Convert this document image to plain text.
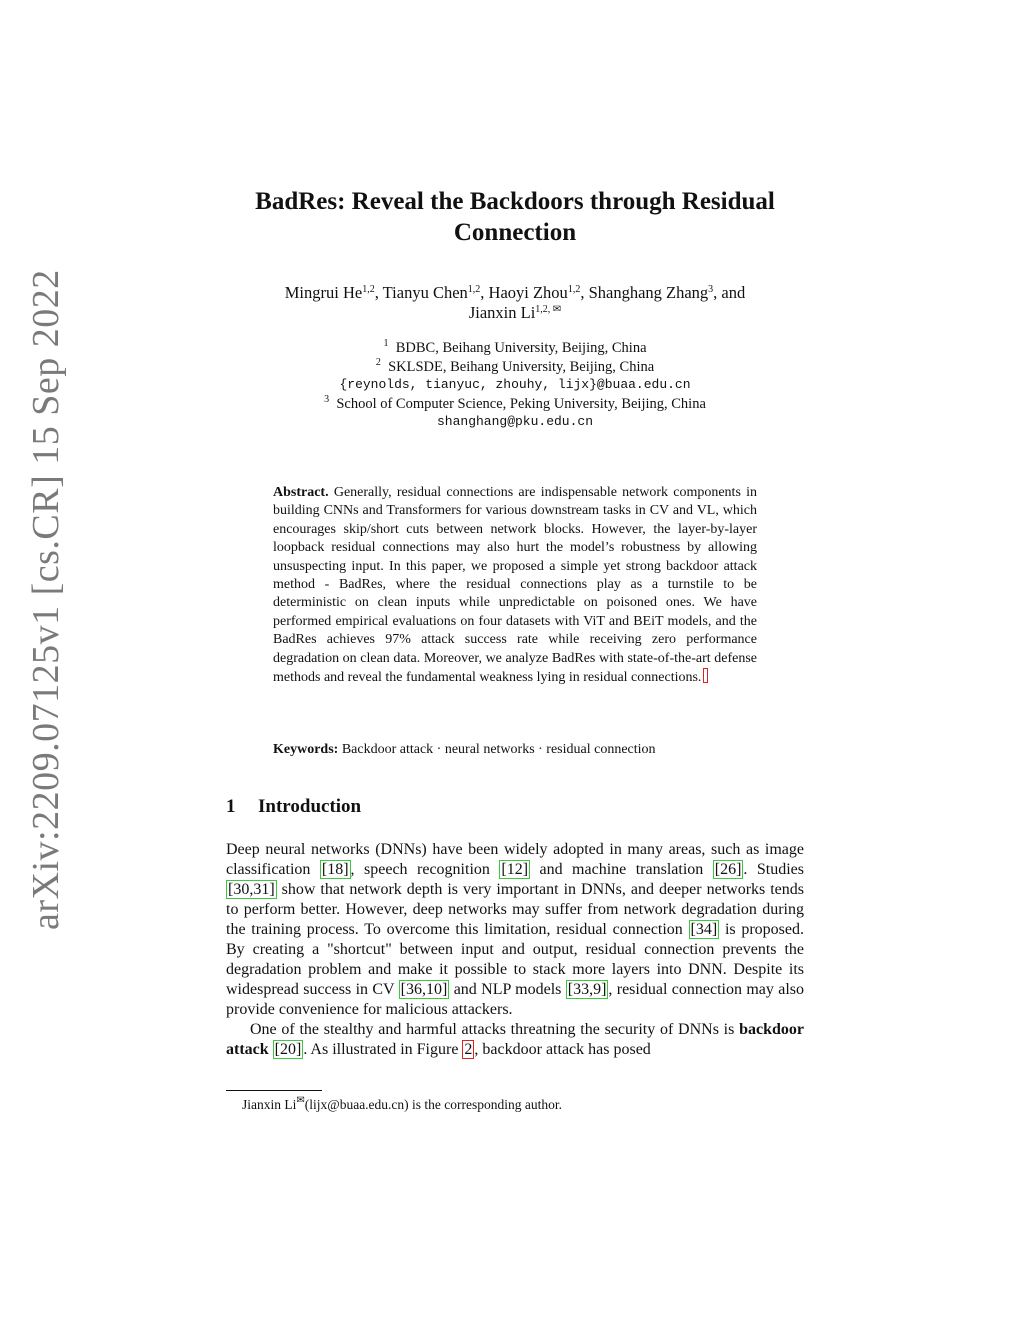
arXiv:2209.07125v1 [cs.CR] 15 Sep 2022
BadRes: Reveal the Backdoors through Residual
Connection
Mingrui He$^{1,2}$, Tianyu Chen$^{1,2}$, Haoyi Zhou$^{1,2}$, Shanghang Zhang$^3$, and
Jianxin $Li^{1,2, ✉}$
$^1$ BDBC, Beihang University, Beijing, China
$^2$ SKLSDE, Beihang University, Beijing, China
{reynolds, tianyuc, zhouhy, lijx}@buaa.edu.cn
$^3$ School of Computer Science, Peking University, Beijing, China
shanghang@pku.edu.cn
Abstract. Generally, residual connections are indispensable network components in building CNNs and Transformers for various downstream tasks in CV and VL, which encourages skip/short cuts between network blocks. However, the layer-by-layer loopback residual connections may also hurt the model’s robustness by allowing unsuspecting input. In this paper, we proposed a simple yet strong backdoor attack method - BadRes, where the residual connections play as a turnstile to be deterministic on clean inputs while unpredictable on poisoned ones. We have performed empirical evaluations on four datasets with ViT and BEiT models, and the BadRes achieves 97% attack success rate while receiving zero performance degradation on clean data. Moreover, we analyze BadRes with state-of-the-art defense methods and reveal the fundamental weakness lying in residual connections.
Keywords: Backdoor attack · neural networks · residual connection
1 Introduction

Deep neural networks (DNNs) have been widely adopted in many areas, such as image classification [18] , speech recognition [12] and machine translation [26] . Studies [30,31] show that network depth is very important in DNNs, and deeper networks tends to perform better. However, deep networks may suffer from network degradation during the training process. To overcome this limitation, residual connection [34] is proposed. By creating a "shortcut" between input and output, residual connection prevents the degradation problem and make it possible to stack more layers into DNN. Despite its widespread success in CV [36,10] and NLP models [33,9] , residual connection may also provide convenience for malicious attackers.

One of the stealthy and harmful attacks threatning the security of DNNs is backdoor attack [20] . As illustrated in Figure 2 , backdoor attack has posed

Jianxin Li✉(lijx@buaa.edu.cn) is the corresponding author.
